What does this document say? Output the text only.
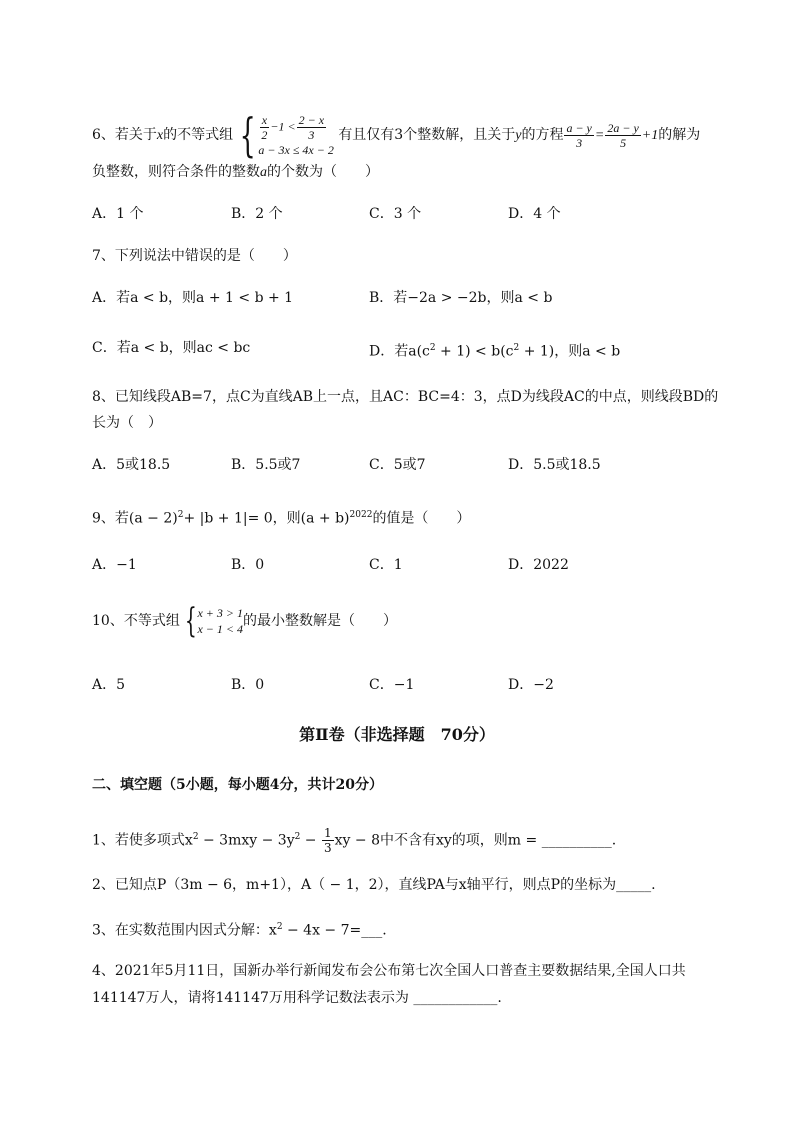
6、若关于x的不等式组 { $\frac{x}{2} -1 < \frac{2 - x}{3}$
a − 3x ≤ 4x − 2
有且仅有3个整数解，且关于y的方程 $\frac{a - y}{3} = \frac{2a - y}{5} +1$的解为
负整数，则符合条件的整数a的个数为（　　）
A．1 个	B．2 个	C．3 个	D．4 个
7、下列说法中错误的是（　　）
A．若a < b，则a + 1 < b + 1	B．若−2a > −2b，则a < b
C．若a < b，则ac < bc	D．若$a(c^2 + 1) < b(c^2 + 1)$，则a < b
8、已知线段AB=7，点C为直线AB上一点，且AC：BC=4：3，点D为线段AC的中点，则线段BD的
长为（　）
A．5或18.5	B．5.5或7	C．5或7	D．5.5或18.5
9、若$(a - 2)^2+ |b + 1|= 0$，则$(a + b)^{2022}$的值是（　　）
A．−1	B．0	C．1	D．2022
10、不等式组 { x + 3 > 1
x − 1 < 4 的最小整数解是（　　）
A．5	B．0	C．−1	D．−2
第Ⅱ卷（非选择题　70分）
二、填空题（5小题，每小题4分，共计20分）
1、若使多项式$x^2 - 3mxy - 3y^2 - \frac{1}{3}$ xy − 8中不含有xy的项，则m = __________.
2、已知点P（3m − 6，m+1），A（ − 1，2），直线PA与x轴平行，则点P的坐标为_____.
3、在实数范围内因式分解：$x^2 - 4x$ − 7=___.
4、2021年5月11日，国新办举行新闻发布会公布第七次全国人口普查主要数据结果,全国人口共
141147万人，请将141147万用科学记数法表示为 ____________.
